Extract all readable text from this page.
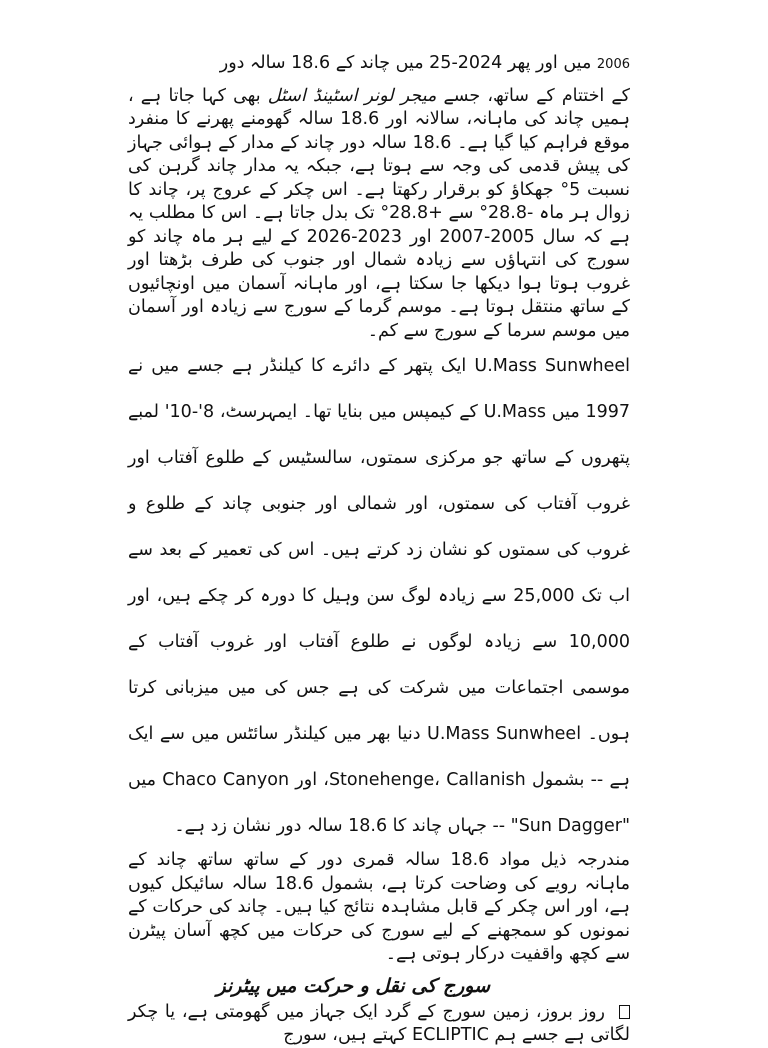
2006 میں اور پھر 2024-25 میں چاند کے 18.6 سالہ دور

کے اختتام کے ساتھ، جسے میجر لونر اسٹینڈ اسٹل بھی کہا جاتا ہے ، ہمیں چاند کی ماہانہ، سالانہ اور 18.6 سالہ گھومنے پھرنے کا منفرد موقع فراہم کیا گیا ہے۔ 18.6 سالہ دور چاند کے مدار کے ہوائی جہاز کی پیش قدمی کی وجہ سے ہوتا ہے، جبکہ یہ مدار چاند گرہن کی نسبت 5° جھکاؤ کو برقرار رکھتا ہے۔ اس چکر کے عروج پر، چاند کا زوال ہر ماہ -28.8° سے +28.8° تک بدل جاتا ہے۔ اس کا مطلب یہ ہے کہ سال 2005-2007 اور 2023-2026 کے لیے ہر ماہ چاند کو سورج کی انتہاؤں سے زیادہ شمال اور جنوب کی طرف بڑھتا اور غروب ہوتا ہوا دیکھا جا سکتا ہے، اور ماہانہ آسمان میں اونچائیوں کے ساتھ منتقل ہوتا ہے۔ موسم گرما کے سورج سے زیادہ اور آسمان میں موسم سرما کے سورج سے کم۔

U.Mass Sunwheel ایک پتھر کے دائرے کا کیلنڈر ہے جسے میں نے 1997 میں U.Mass کے کیمپس میں بنایا تھا۔ ایمہرسٹ، 8'-10' لمبے پتھروں کے ساتھ جو مرکزی سمتوں، سالسٹیس کے طلوع آفتاب اور غروب آفتاب کی سمتوں، اور شمالی اور جنوبی چاند کے طلوع و غروب کی سمتوں کو نشان زد کرتے ہیں۔ اس کی تعمیر کے بعد سے اب تک 25,000 سے زیادہ لوگ سن وہیل کا دورہ کر چکے ہیں، اور 10,000 سے زیادہ لوگوں نے طلوع آفتاب اور غروب آفتاب کے موسمی اجتماعات میں شرکت کی ہے جس کی میں میزبانی کرتا ہوں۔ U.Mass Sunwheel دنیا بھر میں کیلنڈر سائٹس میں سے ایک ہے -- بشمول Stonehenge، Callanish، اور Chaco Canyon میں "Sun Dagger" -- جہاں چاند کا 18.6 سالہ دور نشان زد ہے۔

مندرجہ ذیل مواد 18.6 سالہ قمری دور کے ساتھ ساتھ چاند کے ماہانہ رویے کی وضاحت کرتا ہے، بشمول 18.6 سالہ سائیکل کیوں ہے، اور اس چکر کے قابل مشاہدہ نتائج کیا ہیں۔ چاند کی حرکات کے نمونوں کو سمجھنے کے لیے سورج کی حرکات میں کچھ آسان پیٹرن سے کچھ واقفیت درکار ہوتی ہے۔

سورج کی نقل و حرکت میں پیٹرنز

روز بروز، زمین سورج کے گرد ایک جہاز میں گھومتی ہے، یا چکر لگاتی ہے جسے ہم ECLIPTIC کہتے ہیں، سورج
